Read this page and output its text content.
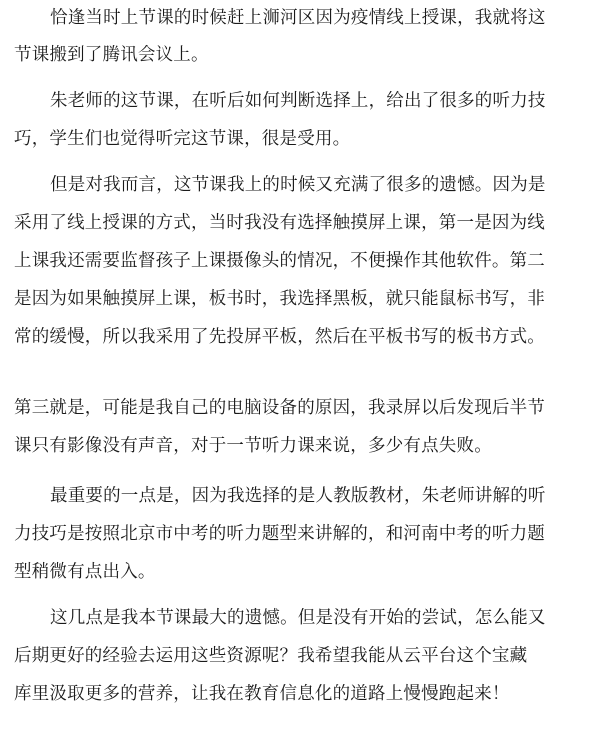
恰逢当时上节课的时候赶上浉河区因为疫情线上授课，我就将这
节课搬到了腾讯会议上。
朱老师的这节课，在听后如何判断选择上，给出了很多的听力技
巧，学生们也觉得听完这节课，很是受用。
但是对我而言，这节课我上的时候又充满了很多的遗憾。因为是
采用了线上授课的方式，当时我没有选择触摸屏上课，第一是因为线
上课我还需要监督孩子上课摄像头的情况，不便操作其他软件。第二
是因为如果触摸屏上课，板书时，我选择黑板，就只能鼠标书写，非
常的缓慢，所以我采用了先投屏平板，然后在平板书写的板书方式。
第三就是，可能是我自己的电脑设备的原因，我录屏以后发现后半节
课只有影像没有声音，对于一节听力课来说，多少有点失败。
最重要的一点是，因为我选择的是人教版教材，朱老师讲解的听
力技巧是按照北京市中考的听力题型来讲解的，和河南中考的听力题
型稍微有点出入。
这几点是我本节课最大的遗憾。但是没有开始的尝试，怎么能又
后期更好的经验去运用这些资源呢？我希望我能从云平台这个宝藏
库里汲取更多的营养，让我在教育信息化的道路上慢慢跑起来！
